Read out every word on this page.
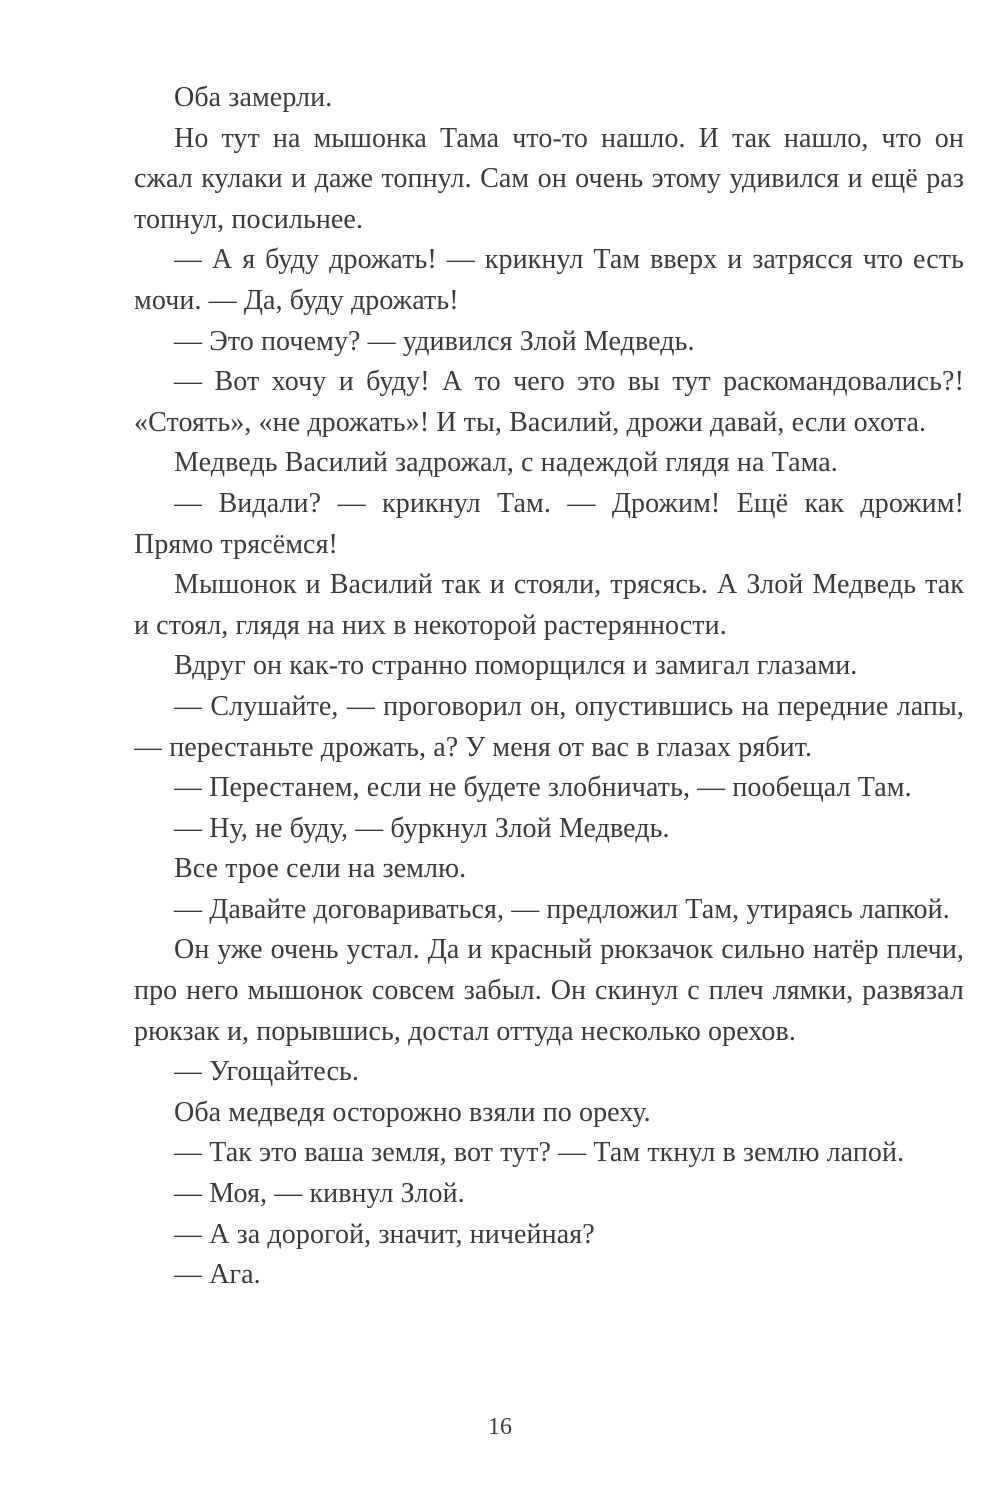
Оба замерли.

Но тут на мышонка Тама что-то нашло. И так нашло, что он сжал кулаки и даже топнул. Сам он очень этому удивился и ещё раз топнул, посильнее.

— А я буду дрожать! — крикнул Там вверх и затрясся что есть мочи. — Да, буду дрожать!

— Это почему? — удивился Злой Медведь.

— Вот хочу и буду! А то чего это вы тут раскомандовались?! «Стоять», «не дрожать»! И ты, Василий, дрожи давай, если охота.

Медведь Василий задрожал, с надеждой глядя на Тама.

— Видали? — крикнул Там. — Дрожим! Ещё как дрожим! Прямо трясёмся!

Мышонок и Василий так и стояли, трясясь. А Злой Медведь так и стоял, глядя на них в некоторой растерянности.

Вдруг он как-то странно поморщился и замигал глазами.

— Слушайте, — проговорил он, опустившись на передние лапы, — перестаньте дрожать, а? У меня от вас в глазах рябит.

— Перестанем, если не будете злобничать, — пообещал Там.

— Ну, не буду, — буркнул Злой Медведь.

Все трое сели на землю.

— Давайте договариваться, — предложил Там, утираясь лапкой.

Он уже очень устал. Да и красный рюкзачок сильно натёр плечи, про него мышонок совсем забыл. Он скинул с плеч лямки, развязал рюкзак и, порывшись, достал оттуда несколько орехов.

— Угощайтесь.

Оба медведя осторожно взяли по ореху.

— Так это ваша земля, вот тут? — Там ткнул в землю лапой.

— Моя, — кивнул Злой.

— А за дорогой, значит, ничейная?

— Ага.

16
